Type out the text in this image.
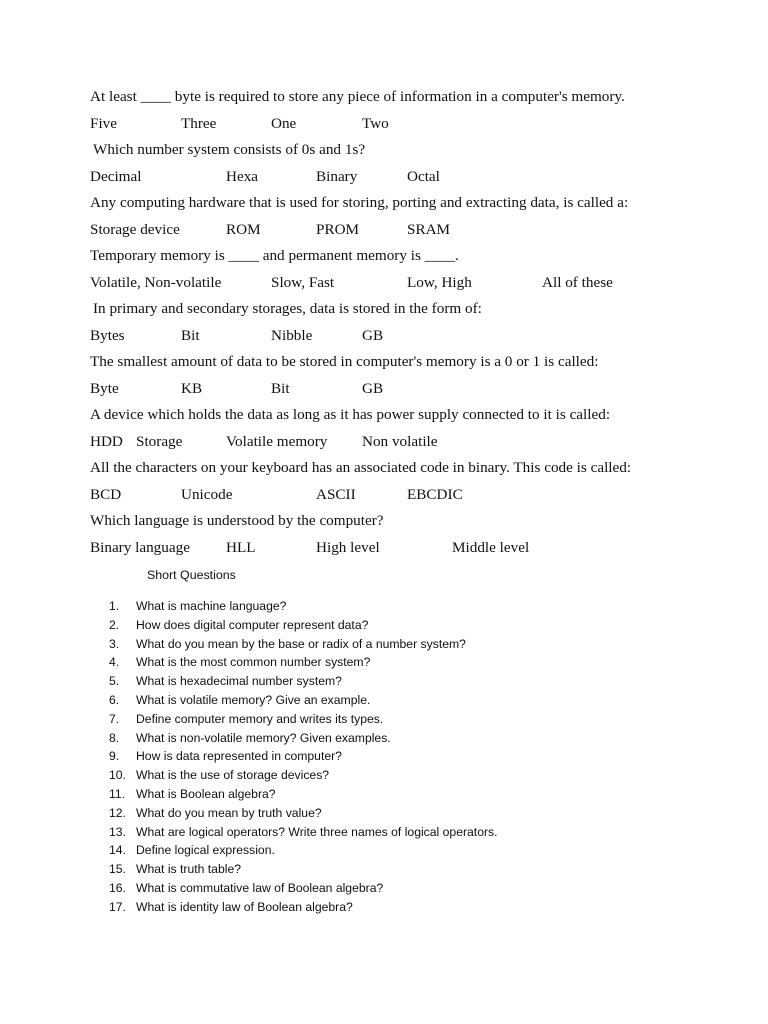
At least ____ byte is required to store any piece of information in a computer's memory.
Five	Three	One	Two
Which number system consists of 0s and 1s?
Decimal	Hexa	Binary	Octal
Any computing hardware that is used for storing, porting and extracting data, is called a:
Storage device	ROM	PROM	SRAM
Temporary memory is ____ and permanent memory is ____.
Volatile, Non-volatile	Slow, Fast	Low, High	All of these
In primary and secondary storages, data is stored in the form of:
Bytes	Bit	Nibble	GB
The smallest amount of data to be stored in computer's memory is a 0 or 1 is called:
Byte	KB	Bit	GB
A device which holds the data as long as it has power supply connected to it is called:
HDD Storage	Volatile memory Non volatile
All the characters on your keyboard has an associated code in binary. This code is called:
BCD	Unicode	ASCII	EBCDIC
Which language is understood by the computer?
Binary language HLL	High level	Middle level
Short Questions
1. What is machine language?
2. How does digital computer represent data?
3. What do you mean by the base or radix of a number system?
4. What is the most common number system?
5. What is hexadecimal number system?
6. What is volatile memory? Give an example.
7. Define computer memory and writes its types.
8. What is non-volatile memory? Given examples.
9. How is data represented in computer?
10. What is the use of storage devices?
11. What is Boolean algebra?
12. What do you mean by truth value?
13. What are logical operators? Write three names of logical operators.
14. Define logical expression.
15. What is truth table?
16. What is commutative law of Boolean algebra?
17. What is identity law of Boolean algebra?
